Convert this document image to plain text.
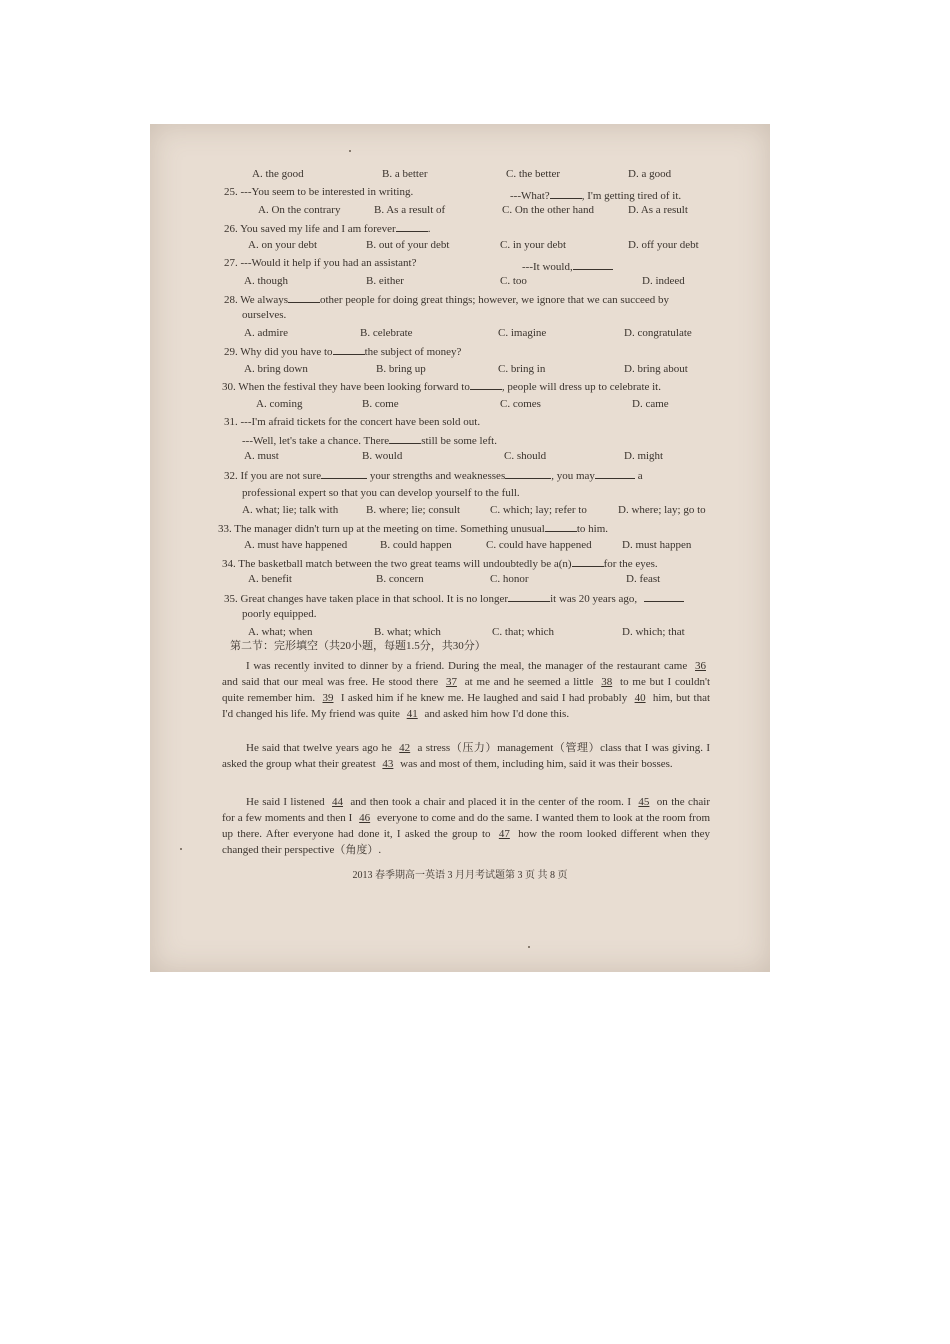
A. the good	B. a better	C. the better	D. a good
25. ---You seem to be interested in writing.	---What?	, I'm getting tired of it.
A. On the contrary	B. As a result of	C. On the other hand	D. As a result
26. You saved my life and I am forever	.
A. on your debt	B. out of your debt	C. in your debt	D. off your debt
27. ---Would it help if you had an assistant?	---It would,
A. though	B. either	C. too	D. indeed
28. We always	other people for doing great things; however, we ignore that we can succeed by
ourselves.
A. admire	B. celebrate	C. imagine	D. congratulate
29. Why did you have to	the subject of money?
A. bring down	B. bring up	C. bring in	D. bring about
30. When the festival they have been looking forward to	, people will dress up to celebrate it.
A. coming	B. come	C. comes	D. came
31. ---I'm afraid tickets for the concert have been sold out.
---Well, let's take a chance. There	still be some left.
A. must	B. would	C. should	D. might
32. If you are not sure	your strengths and weaknesses	, you may	a
professional expert so that you can develop yourself to the full.
A. what; lie; talk with	B. where; lie; consult	C. which; lay; refer to	D. where; lay; go to
33. The manager didn't turn up at the meeting on time. Something unusual	to him.
A. must have happened	B. could happen	C. could have happened	D. must happen
34. The basketball match between the two great teams will undoubtedly be a(n)	for the eyes.
A. benefit	B. concern	C. honor	D. feast
35. Great changes have taken place in that school. It is no longer	it was 20 years ago,
poorly equipped.
A. what; when	B. what; which	C. that; which	D. which; that
第二节：完形填空（共20小题，每题1.5分，共30分）
I was recently invited to dinner by a friend. During the meal, the manager of the restaurant came 36 and said that our meal was free. He stood there 37 at me and he seemed a little 38 to me but I couldn't quite remember him. 39 I asked him if he knew me. He laughed and said I had probably 40 him, but that I'd changed his life. My friend was quite 41 and asked him how I'd done this.
He said that twelve years ago he 42 a stress（压力）management（管理）class that I was giving. I asked the group what their greatest 43 was and most of them, including him, said it was their bosses.
He said I listened 44 and then took a chair and placed it in the center of the room. I 45 on the chair for a few moments and then I 46 everyone to come and do the same. I wanted them to look at the room from up there. After everyone had done it, I asked the group to 47 how the room looked different when they changed their perspective（角度）.
2013 春季期高一英语 3 月月考试题第 3 页 共 8 页
